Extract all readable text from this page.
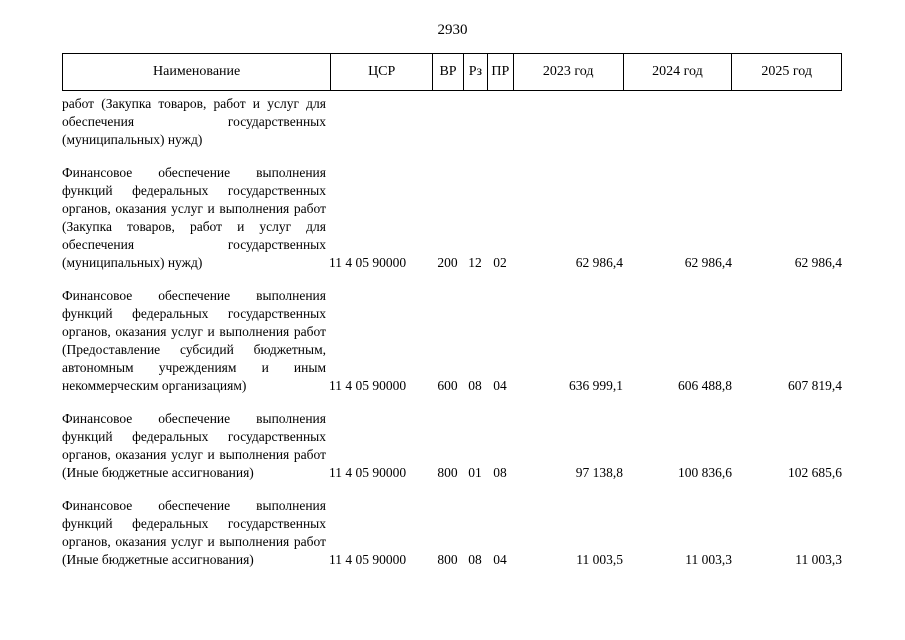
2930
Наименование	ЦСР	ВР Рз ПР	2023 год	2024 год	2025 год
работ (Закупка товаров, работ и услуг для обеспечения государственных (муниципальных) нужд)
Финансовое обеспечение выполнения функций федеральных государственных органов, оказания услуг и выполнения работ (Закупка товаров, работ и услуг для обеспечения государственных (муниципальных) нужд)	11 4 05 90000	200 12 02	62 986,4	62 986,4	62 986,4
Финансовое обеспечение выполнения функций федеральных государственных органов, оказания услуг и выполнения работ (Предоставление субсидий бюджетным, автономным учреждениям и иным некоммерческим организациям)	11 4 05 90000	600 08 04	636 999,1	606 488,8	607 819,4
Финансовое обеспечение выполнения функций федеральных государственных органов, оказания услуг и выполнения работ (Иные бюджетные ассигнования)	11 4 05 90000	800 01 08	97 138,8	100 836,6	102 685,6
Финансовое обеспечение выполнения функций федеральных государственных органов, оказания услуг и выполнения работ (Иные бюджетные ассигнования)	11 4 05 90000	800 08 04	11 003,5	11 003,3	11 003,3
